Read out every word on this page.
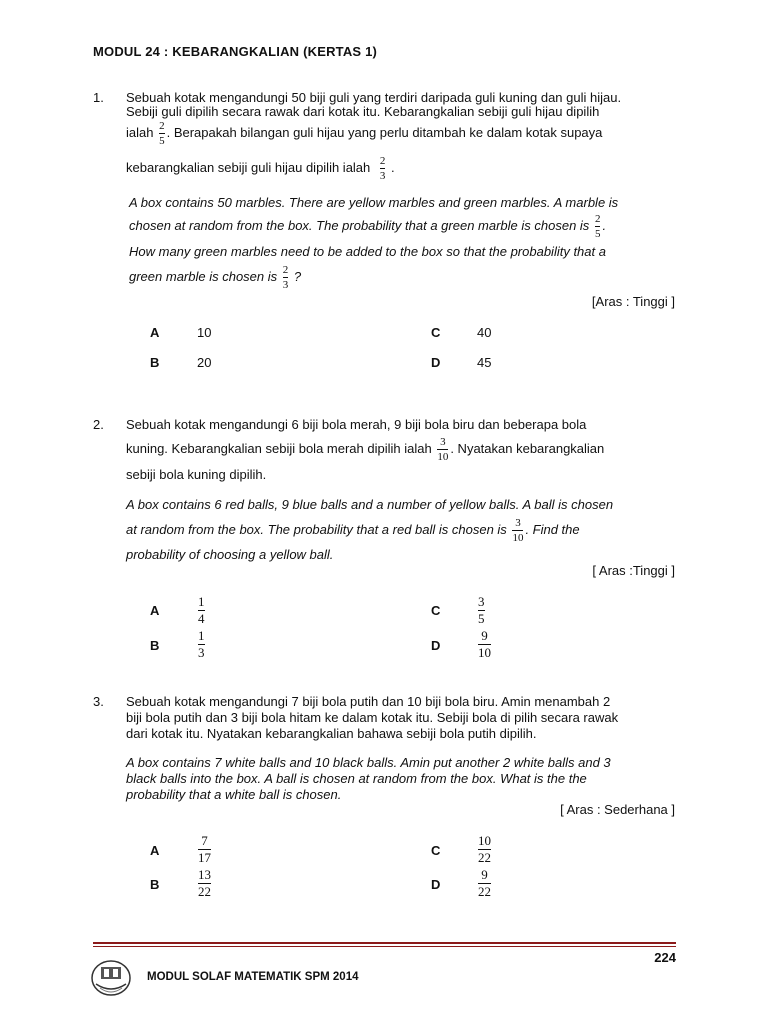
MODUL 24 : KEBARANGKALIAN (KERTAS 1)
1. Sebuah kotak mengandungi 50 biji guli yang terdiri daripada guli kuning dan guli hijau.
Sebiji guli dipilih secara rawak dari kotak itu. Kebarangkalian sebiji guli hijau dipilih
ialah $\frac{2}{5}$ . Berapakah bilangan guli hijau yang perlu ditambah ke dalam kotak supaya
kebarangkalian sebiji guli hijau dipilih ialah $\frac{2}{3}$ .
A box contains 50 marbles. There are yellow marbles and green marbles. A marble is
chosen at random from the box. The probability that a green marble is chosen is $\frac{2}{5}$ .
How many green marbles need to be added to the box so that the probability that a
green marble is chosen is $\frac{2}{3}$ ?
[Aras : Tinggi ]
A	10
B	20
C	40
D	45
2. Sebuah kotak mengandungi 6 biji bola merah, 9 biji bola biru dan beberapa bola
kuning. Kebarangkalian sebiji bola merah dipilih ialah $\frac{3}{10}$ . Nyatakan kebarangkalian
sebiji bola kuning dipilih.
A box contains 6 red balls, 9 blue balls and a number of yellow balls. A ball is chosen
at random from the box. The probability that a red ball is chosen is $\frac{3}{10}$ . Find the
probability of choosing a yellow ball.
[ Aras :Tinggi ]
A	$\frac{1}{4}$
B	$\frac{1}{3}$
C	$\frac{3}{5}$
D	$\frac{9}{10}$
3. Sebuah kotak mengandungi 7 biji bola putih dan 10 biji bola biru. Amin menambah 2
biji bola putih dan 3 biji bola hitam ke dalam kotak itu. Sebiji bola di pilih secara rawak
dari kotak itu. Nyatakan kebarangkalian bahawa sebiji bola putih dipilih.
A box contains 7 white balls and 10 black balls. Amin put another 2 white balls and 3
black balls into the box. A ball is chosen at random from the box. What is the the
probability that a white ball is chosen.
[ Aras : Sederhana ]
A	$\frac{7}{17}$
B	$\frac{13}{22}$
C	$\frac{10}{22}$
D	$\frac{9}{22}$
224
MODUL SOLAF MATEMATIK SPM 2014
